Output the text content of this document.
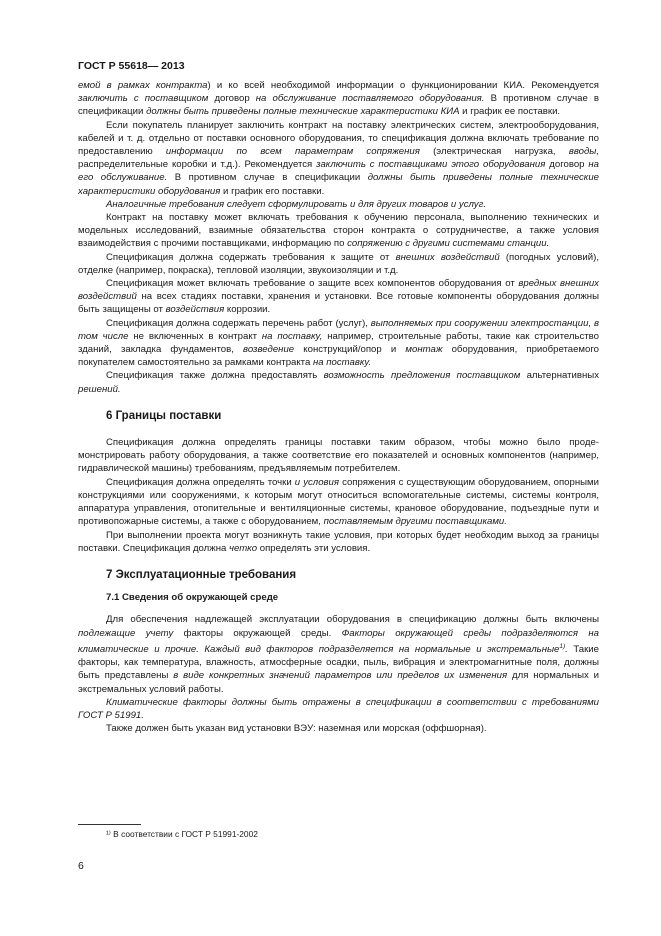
ГОСТ Р 55618— 2013

емой в рамках контракта) и ко всей необходимой информации о функционировании КИА. Рекомендуется заключить с поставщиком договор на обслуживание поставляемого оборудования. В противном случае в спецификации должны быть приведены полные технические характеристики КИА и график ее поставки.

Если покупатель планирует заключить контракт на поставку электрических систем, электрооборудования, кабелей и т. д. отдельно от поставки основного оборудования, то спецификация должна включать требование по предоставлению информации по всем параметрам сопряжения (электрическая нагрузка, вводы, распределительные коробки и т.д.). Рекомендуется заключить с поставщиками этого оборудования договор на его обслуживание. В противном случае в спецификации должны быть приведены полные технические характеристики оборудования и график его поставки.

Аналогичные требования следует сформулировать и для других товаров и услуг.

Контракт на поставку может включать требования к обучению персонала, выполнению технических и модельных исследований, взаимные обязательства сторон контракта о сотрудничестве, а также условия взаимодействия с прочими поставщиками, информацию по сопряжению с другими системами станции.

Спецификация должна содержать требования к защите от внешних воздействий (погодных условий), отделке (например, покраска), тепловой изоляции, звукоизоляции и т.д.

Спецификация может включать требование о защите всех компонентов оборудования от вредных внешних воздействий на всех стадиях поставки, хранения и установки. Все готовые компоненты оборудования должны быть защищены от воздействия коррозии.

Спецификация должна содержать перечень работ (услуг), выполняемых при сооружении электростанции, в том числе не включенных в контракт на поставку, например, строительные работы, такие как строительство зданий, закладка фундаментов, возведение конструкций/опор и монтаж оборудования, приобретаемого покупателем самостоятельно за рамками контракта на поставку.

Спецификация также должна предоставлять возможность предложения поставщиком альтернативных решений.

6 Границы поставки

Спецификация должна определять границы поставки таким образом, чтобы можно было продемонстрировать работу оборудования, а также соответствие его показателей и основных компонентов (например, гидравлической машины) требованиям, предъявляемым потребителем.

Спецификация должна определять точки и условия сопряжения с существующим оборудованием, опорными конструкциями или сооружениями, к которым могут относиться вспомогательные системы, системы контроля, аппаратура управления, отопительные и вентиляционные системы, крановое оборудование, подъездные пути и противопожарные системы, а также с оборудованием, поставляемым другими поставщиками.

При выполнении проекта могут возникнуть такие условия, при которых будет необходим выход за границы поставки. Спецификация должна четко определять эти условия.

7 Эксплуатационные требования

7.1 Сведения об окружающей среде

Для обеспечения надлежащей эксплуатации оборудования в спецификацию должны быть включены подлежащие учету факторы окружающей среды. Факторы окружающей среды подразделяются на климатические и прочие. Каждый вид факторов подразделяется на нормальные и экстремальные$^{1)}$. Такие факторы, как температура, влажность, атмосферные осадки, пыль, вибрация и электромагнитные поля, должны быть представлены в виде конкретных значений параметров или пределов их изменения для нормальных и экстремальных условий работы.

Климатические факторы должны быть отражены в спецификации в соответствии с требованиями ГОСТ Р 51991.

Также должен быть указан вид установки ВЭУ: наземная или морская (оффшорная).

¹⁾ В соответствии с ГОСТ Р 51991-2002
6
